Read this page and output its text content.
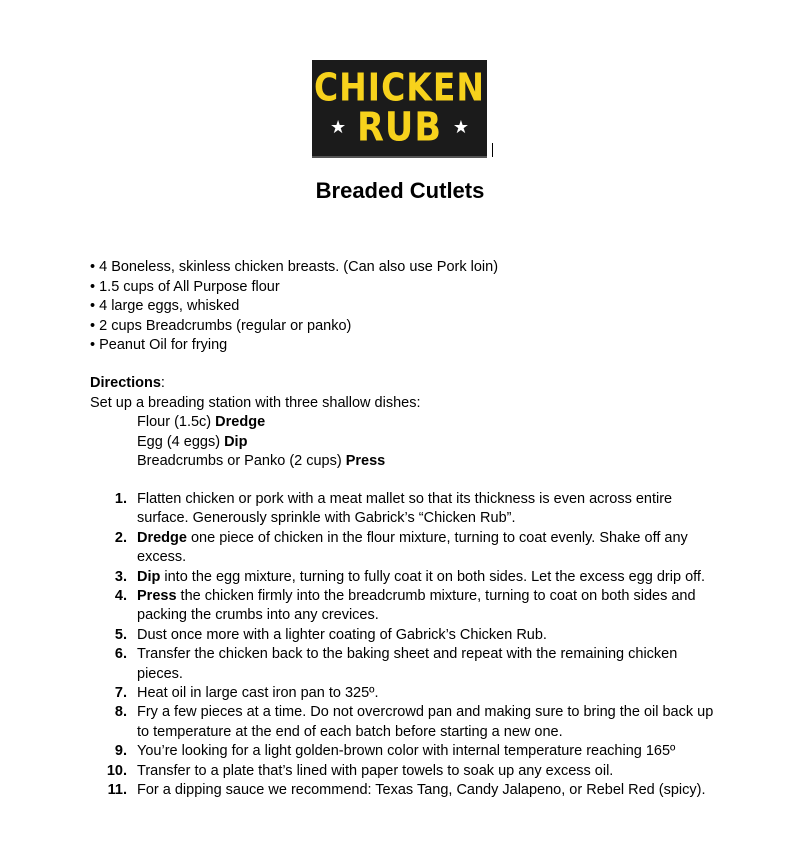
CHICKEN
RUB
★	★
Breaded Cutlets
• 4 Boneless, skinless chicken breasts. (Can also use Pork loin)
• 1.5 cups of All Purpose flour
• 4 large eggs, whisked
• 2 cups Breadcrumbs (regular or panko)
• Peanut Oil for frying
Directions:
Set up a breading station with three shallow dishes:
Flour (1.5c) Dredge
Egg (4 eggs) Dip
Breadcrumbs or Panko (2 cups) Press
1. Flatten chicken or pork with a meat mallet so that its thickness is even across entire surface. Generously sprinkle with Gabrick’s “Chicken Rub”.
2. Dredge one piece of chicken in the flour mixture, turning to coat evenly. Shake off any excess.
3. Dip into the egg mixture, turning to fully coat it on both sides. Let the excess egg drip off.
4. Press the chicken firmly into the breadcrumb mixture, turning to coat on both sides and packing the crumbs into any crevices.
5. Dust once more with a lighter coating of Gabrick’s Chicken Rub.
6. Transfer the chicken back to the baking sheet and repeat with the remaining chicken pieces.
7. Heat oil in large cast iron pan to 325º.
8. Fry a few pieces at a time. Do not overcrowd pan and making sure to bring the oil back up to temperature at the end of each batch before starting a new one.
9. You’re looking for a light golden-brown color with internal temperature reaching 165º
10. Transfer to a plate that’s lined with paper towels to soak up any excess oil.
11. For a dipping sauce we recommend: Texas Tang, Candy Jalapeno, or Rebel Red (spicy).
